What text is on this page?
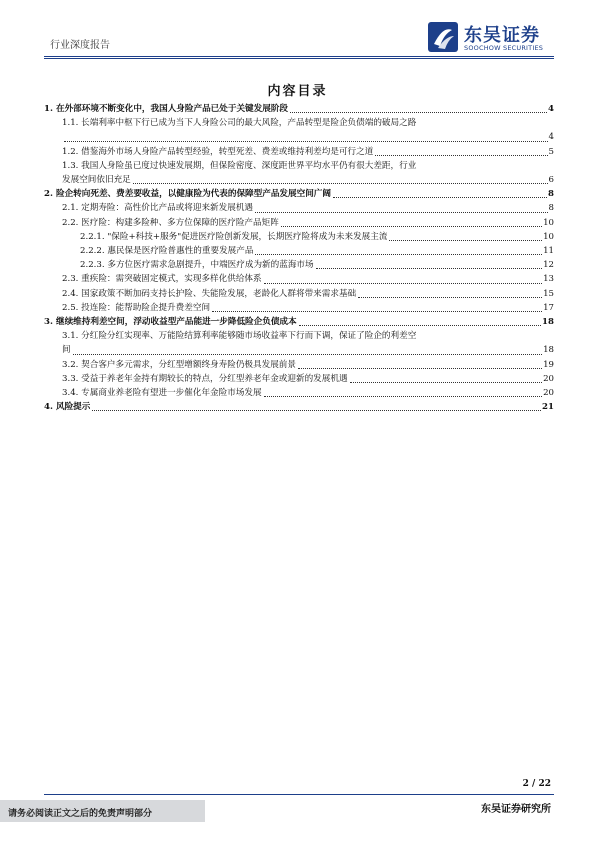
行业深度报告	东吴证券
SOOCHOW SECURITIES
内容目录
1. 在外部环境不断变化中，我国人身险产品已处于关键发展阶段	4
1.1. 长端利率中枢下行已成为当下人身险公司的最大风险，产品转型是险企负债端的破局之路
4
1.2. 借鉴海外市场人身险产品转型经验，转型死差、费差或维持利差均是可行之道	5
1.3. 我国人身险虽已度过快速发展期，但保险密度、深度距世界平均水平仍有很大差距，行业
发展空间依旧充足	6
2. 险企转向死差、费差要收益，以健康险为代表的保障型产品发展空间广阔	8
2.1. 定期寿险：高性价比产品或将迎来新发展机遇	8
2.2. 医疗险：构建多险种、多方位保障的医疗险产品矩阵	10
2.2.1. "保险+科技+服务"促进医疗险创新发展，长期医疗险将成为未来发展主流	10
2.2.2. 惠民保是医疗险普惠性的重要发展产品	11
2.2.3. 多方位医疗需求急剧提升，中端医疗成为新的蓝海市场	12
2.3. 重疾险：需突破固定模式，实现多样化供给体系	13
2.4. 国家政策不断加码支持长护险、失能险发展，老龄化人群将带来需求基础	15
2.5. 投连险：能帮助险企提升费差空间	17
3. 继续维持利差空间，浮动收益型产品能进一步降低险企负债成本	18
3.1. 分红险分红实现率、万能险结算利率能够随市场收益率下行而下调，保证了险企的利差空
间	18
3.2. 契合客户多元需求，分红型增额终身寿险仍极具发展前景	19
3.3. 受益于养老年金持有期较长的特点，分红型养老年金或迎新的发展机遇	20
3.4. 专属商业养老险有望进一步催化年金险市场发展	20
4. 风险提示	21
2 / 22
请务必阅读正文之后的免责声明部分	东吴证券研究所
